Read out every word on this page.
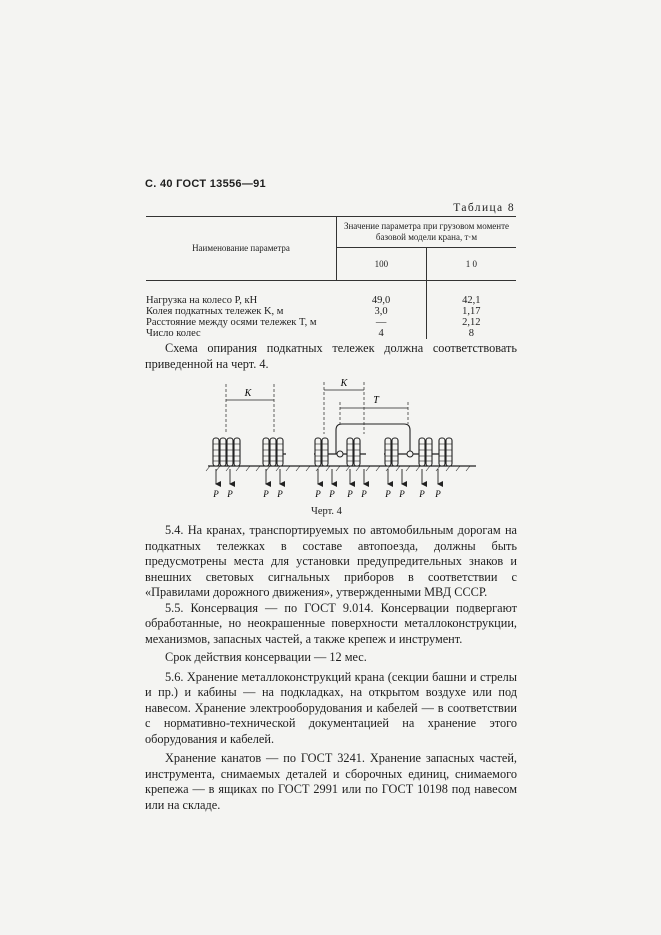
С. 40 ГОСТ 13556—91
Таблица 8
Наименование параметра	Значение параметра при грузовом моменте базовой модели крана, т·м	
	100	1 0
Нагрузка на колесо P, кН	49,0	42,1
Колея подкатных тележек K, м	3,0	1,17
Расстояние между осями тележек T, м	—	2,12
Число колес	4	8

Схема опирания подкатных тележек должна соответствовать приведенной на черт. 4.

K
K
T
P P	P P	P P P P P P P P
Черт. 4

5.4. На кранах, транспортируемых по автомобильным дорогам на подкатных тележках в составе автопоезда, должны быть предусмотрены места для установки предупредительных знаков и внешних световых сигнальных приборов в соответствии с «Правилами дорожного движения», утвержденными МВД СССР.

5.5. Консервация — по ГОСТ 9.014. Консервации подвергают обработанные, но неокрашенные поверхности металлоконструкции, механизмов, запасных частей, а также крепеж и инструмент.

Срок действия консервации — 12 мес.

5.6. Хранение металлоконструкций крана (секции башни и стрелы и пр.) и кабины — на подкладках, на открытом воздухе или под навесом. Хранение электрооборудования и кабелей — в соответствии с нормативно-технической документацией на хранение этого оборудования и кабелей.

Хранение канатов — по ГОСТ 3241. Хранение запасных частей, инструмента, снимаемых деталей и сборочных единиц, снимаемого крепежа — в ящиках по ГОСТ 2991 или по ГОСТ 10198 под навесом или на складе.
